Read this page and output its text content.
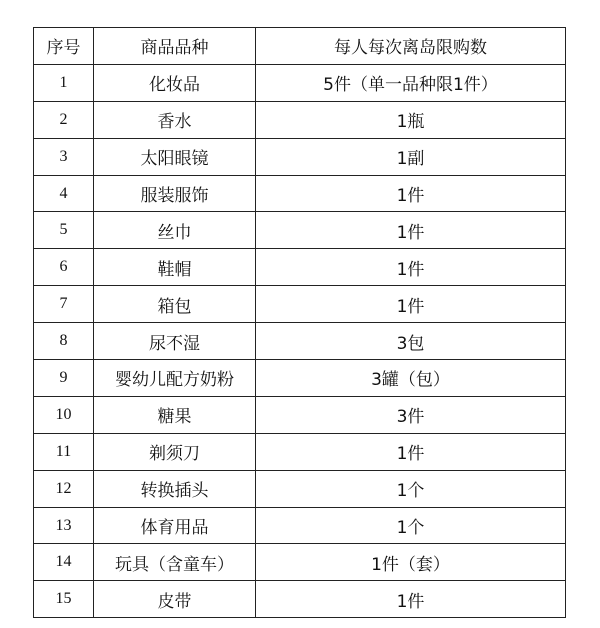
序号	商品品种	每人每次离岛限购数
1	化妆品	5件（单一品种限1件）
2	香水	1瓶
3	太阳眼镜	1副
4	服装服饰	1件
5	丝巾	1件
6	鞋帽	1件
7	箱包	1件
8	尿不湿	3包
9	婴幼儿配方奶粉	3罐（包）
10	糖果	3件
11	剃须刀	1件
12	转换插头	1个
13	体育用品	1个
14	玩具（含童车）	1件（套）
15	皮带	1件
